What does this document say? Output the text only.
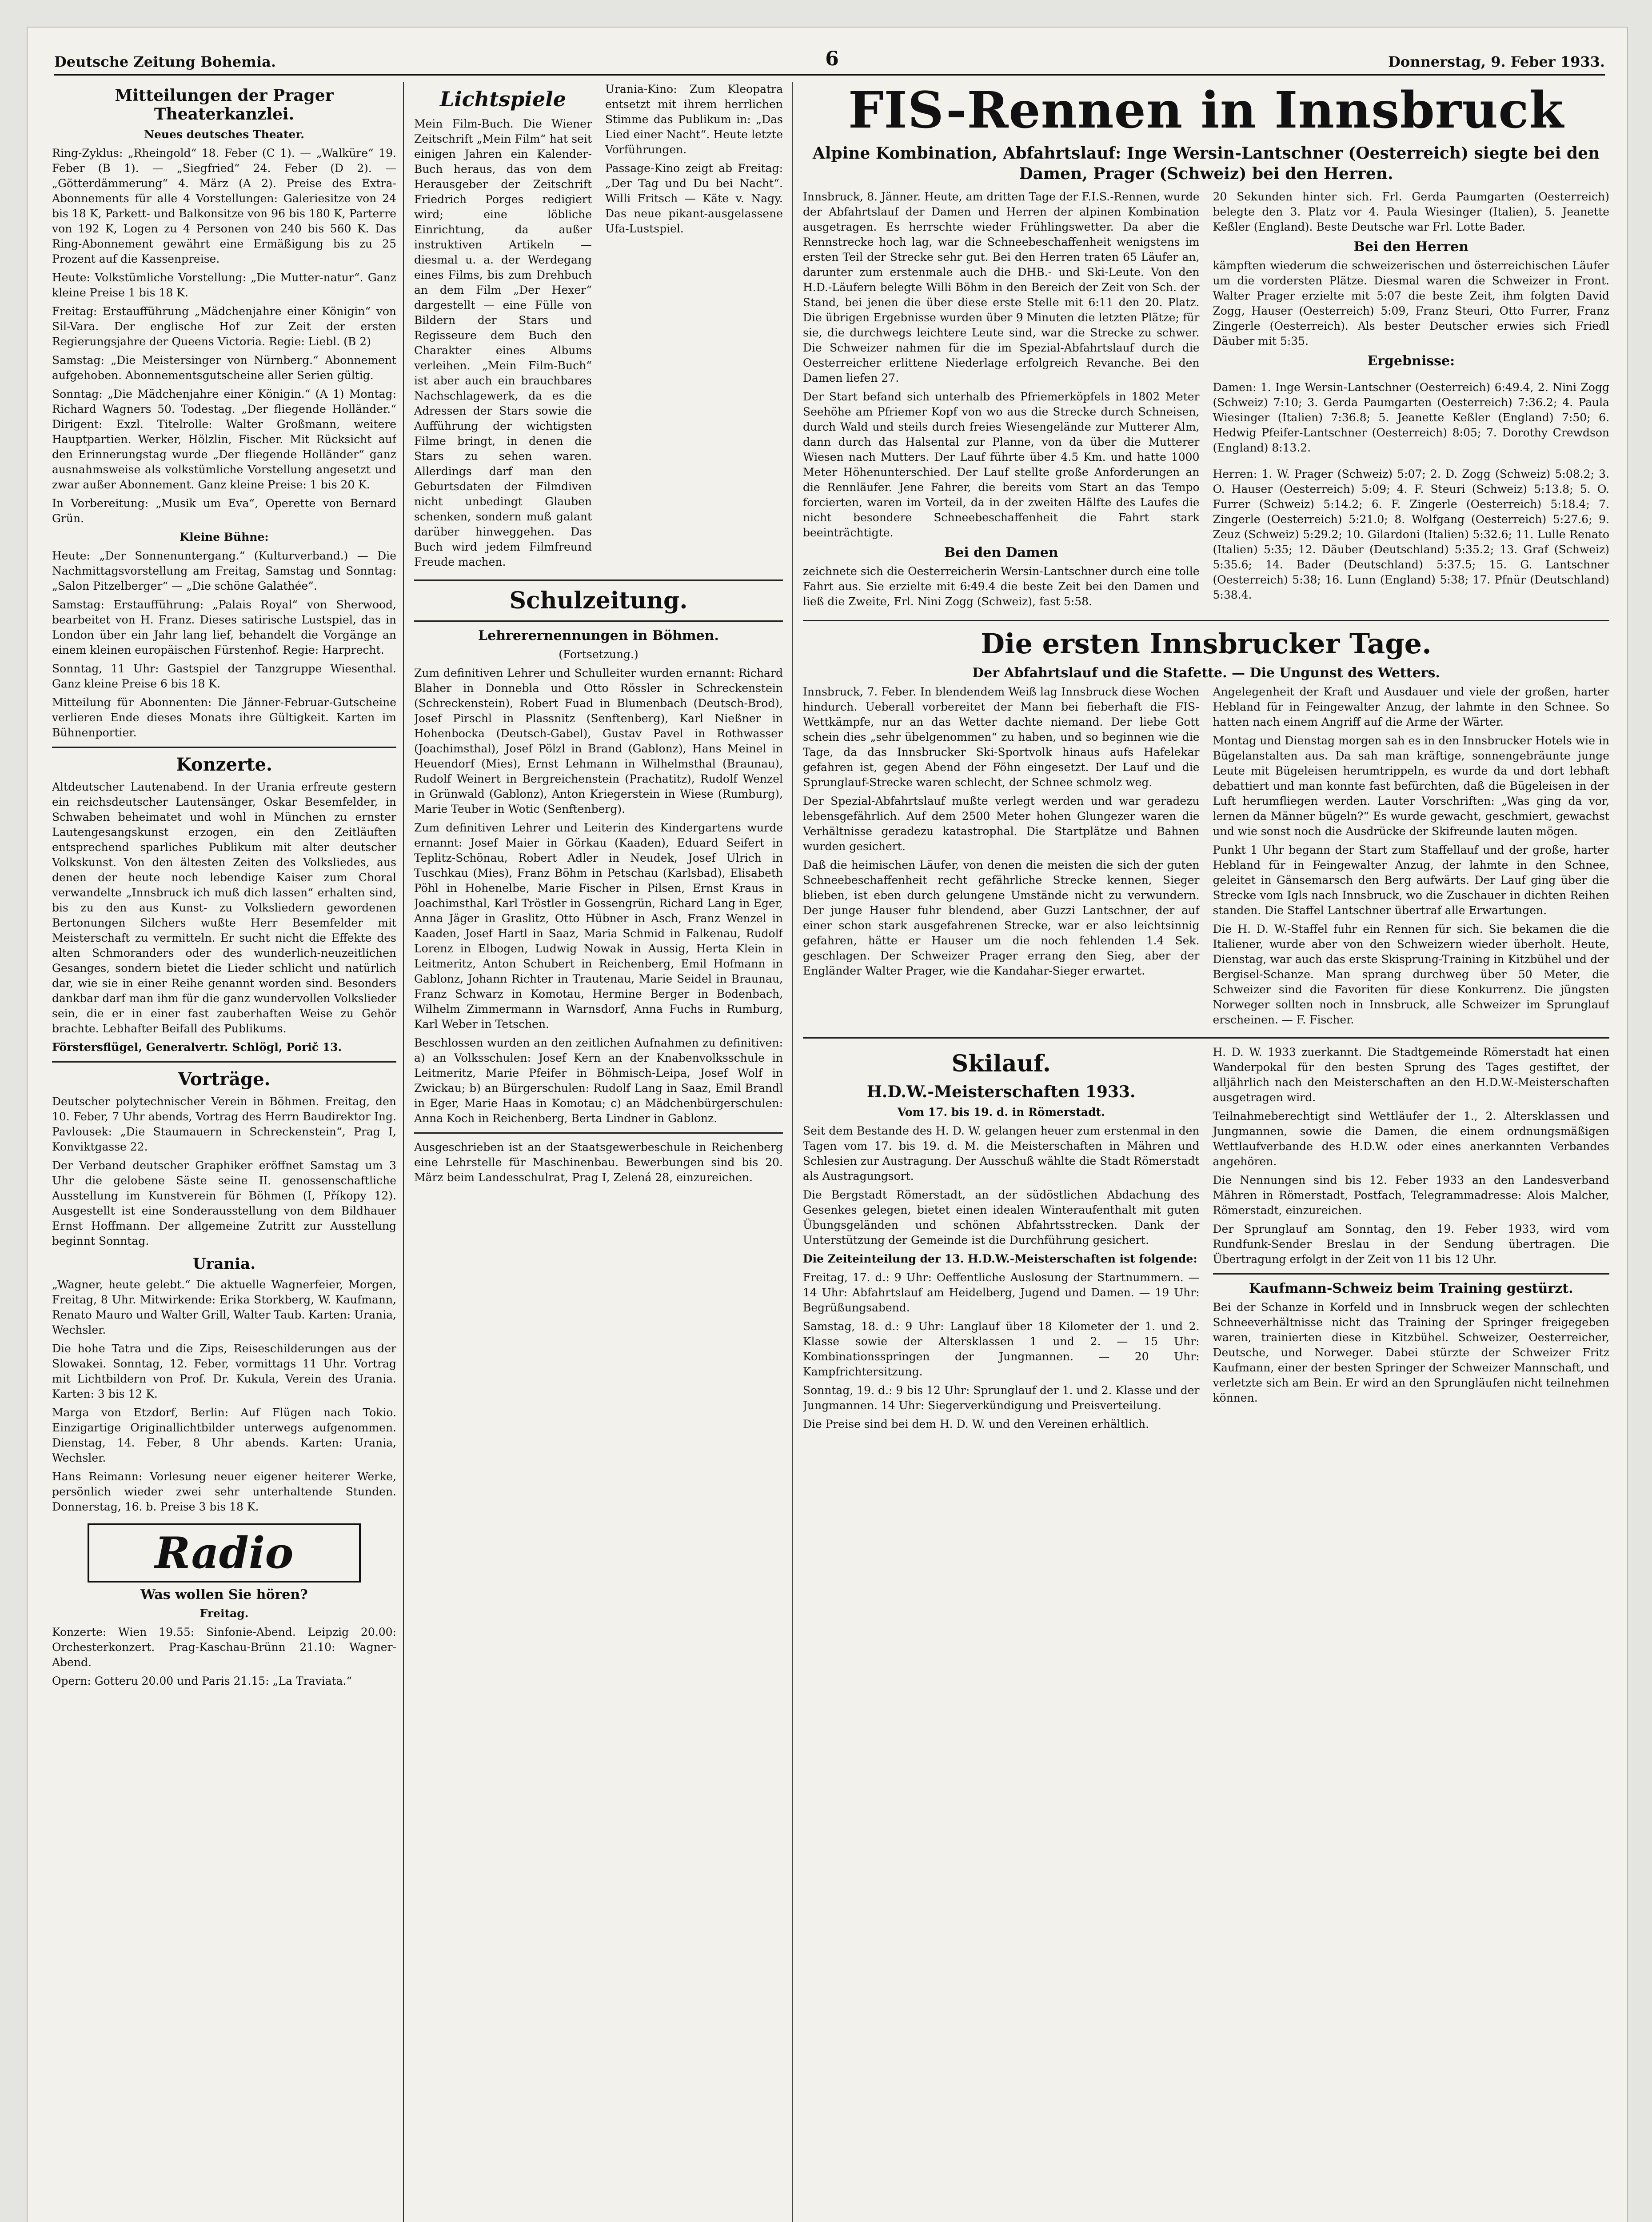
Deutsche Zeitung Bohemia.	6	Donnerstag, 9. Feber 1933.
Mitteilungen der Prager Theaterkanzlei.
Neues deutsches Theater.

Ring-Zyklus: „Rheingold“ 18. Feber (C 1). — „Walküre“ 19. Feber (B 1). — „Siegfried“ 24. Feber (D 2). — „Götterdämmerung“ 4. März (A 2). Preise des Extra-Abonnements für alle 4 Vorstellungen: Galeriesitze von 24 bis 18 K, Parkett- und Balkonsitze von 96 bis 180 K, Parterre von 192 K, Logen zu 4 Personen von 240 bis 560 K. Das Ring-Abonnement gewährt eine Ermäßigung bis zu 25 Prozent auf die Kassenpreise.

Heute: Volkstümliche Vorstellung: „Die Mutter-natur“. Ganz kleine Preise 1 bis 18 K.

Freitag: Erstaufführung „Mädchenjahre einer Königin“ von Sil-Vara. Der englische Hof zur Zeit der ersten Regierungsjahre der Queens Victoria. Regie: Liebl. (B 2)

Samstag: „Die Meistersinger von Nürnberg.“ Abonnement aufgehoben. Abonnementsgutscheine aller Serien gültig.

Sonntag: „Die Mädchenjahre einer Königin.“ (A 1) Montag: Richard Wagners 50. Todestag. „Der fliegende Holländer.“ Dirigent: Exzl. Titelrolle: Walter Großmann, weitere Hauptpartien. Werker, Hölzlin, Fischer. Mit Rücksicht auf den Erinnerungstag wurde „Der fliegende Holländer“ ganz ausnahmsweise als volkstümliche Vorstellung angesetzt und zwar außer Abonnement. Ganz kleine Preise: 1 bis 20 K.

In Vorbereitung: „Musik um Eva“, Operette von Bernard Grün.

Kleine Bühne:

Heute: „Der Sonnenuntergang.“ (Kulturverband.) — Die Nachmittagsvorstellung am Freitag, Samstag und Sonntag: „Salon Pitzelberger“ — „Die schöne Galathée“.

Samstag: Erstaufführung: „Palais Royal“ von Sherwood, bearbeitet von H. Franz. Dieses satirische Lustspiel, das in London über ein Jahr lang lief, behandelt die Vorgänge an einem kleinen europäischen Fürstenhof. Regie: Harprecht.

Sonntag, 11 Uhr: Gastspiel der Tanzgruppe Wiesenthal. Ganz kleine Preise 6 bis 18 K.

Mitteilung für Abonnenten: Die Jänner-Februar-Gutscheine verlieren Ende dieses Monats ihre Gültigkeit. Karten im Bühnenportier.

Konzerte.

Altdeutscher Lautenabend. In der Urania erfreute gestern ein reichsdeutscher Lautensänger, Oskar Besemfelder, in Schwaben beheimatet und wohl in München zu ernster Lautengesangskunst erzogen, ein den Zeitläuften entsprechend sparliches Publikum mit alter deutscher Volkskunst. Von den ältesten Zeiten des Volksliedes, aus denen der heute noch lebendige Kaiser zum Choral verwandelte „Innsbruck ich muß dich lassen“ erhalten sind, bis zu den aus Kunst- zu Volksliedern gewordenen Bertonungen Silchers wußte Herr Besemfelder mit Meisterschaft zu vermitteln. Er sucht nicht die Effekte des alten Schmoranders oder des wunderlich-neuzeitlichen Gesanges, sondern bietet die Lieder schlicht und natürlich dar, wie sie in einer Reihe genannt worden sind. Besonders dankbar darf man ihm für die ganz wundervollen Volkslieder sein, die er in einer fast zauberhaften Weise zu Gehör brachte. Lebhafter Beifall des Publikums.

Förstersflügel, Generalvertr. Schlögl, Porič 13.

Vorträge.

Deutscher polytechnischer Verein in Böhmen. Freitag, den 10. Feber, 7 Uhr abends, Vortrag des Herrn Baudirektor Ing. Pavlousek: „Die Staumauern in Schreckenstein“, Prag I, Konviktgasse 22.

Der Verband deutscher Graphiker eröffnet Samstag um 3 Uhr die gelobene Säste seine II. genossenschaftliche Ausstellung im Kunstverein für Böhmen (I, Příkopy 12). Ausgestellt ist eine Sonderausstellung von dem Bildhauer Ernst Hoffmann. Der allgemeine Zutritt zur Ausstellung beginnt Sonntag.

Urania.

„Wagner, heute gelebt.“ Die aktuelle Wagnerfeier, Morgen, Freitag, 8 Uhr. Mitwirkende: Erika Storkberg, W. Kaufmann, Renato Mauro und Walter Grill, Walter Taub. Karten: Urania, Wechsler.

Die hohe Tatra und die Zips, Reiseschilderungen aus der Slowakei. Sonntag, 12. Feber, vormittags 11 Uhr. Vortrag mit Lichtbildern von Prof. Dr. Kukula, Verein des Urania. Karten: 3 bis 12 K.

Marga von Etzdorf, Berlin: Auf Flügen nach Tokio. Einzigartige Originallichtbilder unterwegs aufgenommen. Dienstag, 14. Feber, 8 Uhr abends. Karten: Urania, Wechsler.

Hans Reimann: Vorlesung neuer eigener heiterer Werke, persönlich wieder zwei sehr unterhaltende Stunden. Donnerstag, 16. b. Preise 3 bis 18 K.

Radio
Was wollen Sie hören?
Freitag.

Konzerte: Wien 19.55: Sinfonie-Abend. Leipzig 20.00: Orchesterkonzert. Prag-Kaschau-Brünn 21.10: Wagner-Abend.

Opern: Gotteru 20.00 und Paris 21.15: „La Traviata.“

Lichtspiele

Mein Film-Buch. Die Wiener Zeitschrift „Mein Film“ hat seit einigen Jahren ein Kalender-Buch heraus, das von dem Herausgeber der Zeitschrift Friedrich Porges redigiert wird; eine löbliche Einrichtung, da außer instruktiven Artikeln — diesmal u. a. der Werdegang eines Films, bis zum Drehbuch an dem Film „Der Hexer“ dargestellt — eine Fülle von Bildern der Stars und Regisseure dem Buch den Charakter eines Albums verleihen. „Mein Film-Buch“ ist aber auch ein brauchbares Nachschlagewerk, da es die Adressen der Stars sowie die Aufführung der wichtigsten Filme bringt, in denen die Stars zu sehen waren. Allerdings darf man den Geburtsdaten der Filmdiven nicht unbedingt Glauben schenken, sondern muß galant darüber hinweggehen. Das Buch wird jedem Filmfreund Freude machen.

Urania-Kino: Zum Kleopatra entsetzt mit ihrem herrlichen Stimme das Publikum in: „Das Lied einer Nacht“. Heute letzte Vorführungen.

Passage-Kino zeigt ab Freitag: „Der Tag und Du bei Nacht“. Willi Fritsch — Käte v. Nagy. Das neue pikant-ausgelassene Ufa-Lustspiel.

Schulzeitung.
Lehrerernennungen in Böhmen.
(Fortsetzung.)

Zum definitiven Lehrer und Schulleiter wurden ernannt: Richard Blaher in Donnebla und Otto Rössler in Schreckenstein (Schreckenstein), Robert Fuad in Blumenbach (Deutsch-Brod), Josef Pirschl in Plassnitz (Senftenberg), Karl Nießner in Hohenbocka (Deutsch-Gabel), Gustav Pavel in Rothwasser (Joachimsthal), Josef Pölzl in Brand (Gablonz), Hans Meinel in Heuendorf (Mies), Ernst Lehmann in Wilhelmsthal (Braunau), Rudolf Weinert in Bergreichenstein (Prachatitz), Rudolf Wenzel in Grünwald (Gablonz), Anton Kriegerstein in Wiese (Rumburg), Marie Teuber in Wotic (Senftenberg).

Zum definitiven Lehrer und Leiterin des Kindergartens wurde ernannt: Josef Maier in Görkau (Kaaden), Eduard Seifert in Teplitz-Schönau, Robert Adler in Neudek, Josef Ulrich in Tuschkau (Mies), Franz Böhm in Petschau (Karlsbad), Elisabeth Pöhl in Hohenelbe, Marie Fischer in Pilsen, Ernst Kraus in Joachimsthal, Karl Tröstler in Gossengrün, Richard Lang in Eger, Anna Jäger in Graslitz, Otto Hübner in Asch, Franz Wenzel in Kaaden, Josef Hartl in Saaz, Maria Schmid in Falkenau, Rudolf Lorenz in Elbogen, Ludwig Nowak in Aussig, Herta Klein in Leitmeritz, Anton Schubert in Reichenberg, Emil Hofmann in Gablonz, Johann Richter in Trautenau, Marie Seidel in Braunau, Franz Schwarz in Komotau, Hermine Berger in Bodenbach, Wilhelm Zimmermann in Warnsdorf, Anna Fuchs in Rumburg, Karl Weber in Tetschen.

Beschlossen wurden an den zeitlichen Aufnahmen zu definitiven: a) an Volksschulen: Josef Kern an der Knabenvolksschule in Leitmeritz, Marie Pfeifer in Böhmisch-Leipa, Josef Wolf in Zwickau; b) an Bürgerschulen: Rudolf Lang in Saaz, Emil Brandl in Eger, Marie Haas in Komotau; c) an Mädchenbürgerschulen: Anna Koch in Reichenberg, Berta Lindner in Gablonz.

Ausgeschrieben ist an der Staatsgewerbeschule in Reichenberg eine Lehrstelle für Maschinenbau. Bewerbungen sind bis 20. März beim Landesschulrat, Prag I, Zelená 28, einzureichen.

FIS-Rennen in Innsbruck
Alpine Kombination, Abfahrtslauf: Inge Wersin-Lantschner (Oesterreich) siegte bei den Damen, Prager (Schweiz) bei den Herren.

Innsbruck, 8. Jänner. Heute, am dritten Tage der F.I.S.-Rennen, wurde der Abfahrtslauf der Damen und Herren der alpinen Kombination ausgetragen. Es herrschte wieder Frühlingswetter. Da aber die Rennstrecke hoch lag, war die Schneebeschaffenheit wenigstens im ersten Teil der Strecke sehr gut. Bei den Herren traten 65 Läufer an, darunter zum erstenmale auch die DHB.- und Ski-Leute. Von den H.D.-Läufern belegte Willi Böhm in den Bereich der Zeit von Sch. der Stand, bei jenen die über diese erste Stelle mit 6:11 den 20. Platz. Die übrigen Ergebnisse wurden über 9 Minuten die letzten Plätze; für sie, die durchwegs leichtere Leute sind, war die Strecke zu schwer. Die Schweizer nahmen für die im Spezial-Abfahrtslauf durch die Oesterreicher erlittene Niederlage erfolgreich Revanche. Bei den Damen liefen 27.

Der Start befand sich unterhalb des Pfriemerköpfels in 1802 Meter Seehöhe am Pfriemer Kopf von wo aus die Strecke durch Schneisen, durch Wald und steils durch freies Wiesengelände zur Mutterer Alm, dann durch das Halsental zur Planne, von da über die Mutterer Wiesen nach Mutters. Der Lauf führte über 4.5 Km. und hatte 1000 Meter Höhenunterschied. Der Lauf stellte große Anforderungen an die Rennläufer. Jene Fahrer, die bereits vom Start an das Tempo forcierten, waren im Vorteil, da in der zweiten Hälfte des Laufes die nicht besondere Schneebeschaffenheit die Fahrt stark beeinträchtigte.

Bei den Damen

zeichnete sich die Oesterreicherin Wersin-Lantschner durch eine tolle Fahrt aus. Sie erzielte mit 6:49.4 die beste Zeit bei den Damen und ließ die Zweite, Frl. Nini Zogg (Schweiz), fast 5:58.

20 Sekunden hinter sich. Frl. Gerda Paumgarten (Oesterreich) belegte den 3. Platz vor 4. Paula Wiesinger (Italien), 5. Jeanette Keßler (England). Beste Deutsche war Frl. Lotte Bader.

Bei den Herren

kämpften wiederum die schweizerischen und österreichischen Läufer um die vordersten Plätze. Diesmal waren die Schweizer in Front. Walter Prager erzielte mit 5:07 die beste Zeit, ihm folgten David Zogg, Hauser (Oesterreich) 5:09, Franz Steuri, Otto Furrer, Franz Zingerle (Oesterreich). Als bester Deutscher erwies sich Friedl Däuber mit 5:35.

Ergebnisse:

Damen: 1. Inge Wersin-Lantschner (Oesterreich) 6:49.4, 2. Nini Zogg (Schweiz) 7:10; 3. Gerda Paumgarten (Oesterreich) 7:36.2; 4. Paula Wiesinger (Italien) 7:36.8; 5. Jeanette Keßler (England) 7:50; 6. Hedwig Pfeifer-Lantschner (Oesterreich) 8:05; 7. Dorothy Crewdson (England) 8:13.2.

Herren: 1. W. Prager (Schweiz) 5:07; 2. D. Zogg (Schweiz) 5:08.2; 3. O. Hauser (Oesterreich) 5:09; 4. F. Steuri (Schweiz) 5:13.8; 5. O. Furrer (Schweiz) 5:14.2; 6. F. Zingerle (Oesterreich) 5:18.4; 7. Zingerle (Oesterreich) 5:21.0; 8. Wolfgang (Oesterreich) 5:27.6; 9. Zeuz (Schweiz) 5:29.2; 10. Gilardoni (Italien) 5:32.6; 11. Lulle Renato (Italien) 5:35; 12. Däuber (Deutschland) 5:35.2; 13. Graf (Schweiz) 5:35.6; 14. Bader (Deutschland) 5:37.5; 15. G. Lantschner (Oesterreich) 5:38; 16. Lunn (England) 5:38; 17. Pfnür (Deutschland) 5:38.4.

Die ersten Innsbrucker Tage.
Der Abfahrtslauf und die Stafette. — Die Ungunst des Wetters.

Innsbruck, 7. Feber. In blendendem Weiß lag Innsbruck diese Wochen hindurch. Ueberall vorbereitet der Mann bei fieberhaft die FIS-Wettkämpfe, nur an das Wetter dachte niemand. Der liebe Gott schein dies „sehr übelgenommen“ zu haben, und so beginnen wie die Tage, da das Innsbrucker Ski-Sportvolk hinaus aufs Hafelekar gefahren ist, gegen Abend der Föhn eingesetzt. Der Lauf und die Sprunglauf-Strecke waren schlecht, der Schnee schmolz weg.

Der Spezial-Abfahrtslauf mußte verlegt werden und war geradezu lebensgefährlich. Auf dem 2500 Meter hohen Glungezer waren die Verhältnisse geradezu katastrophal. Die Startplätze und Bahnen wurden gesichert.

Daß die heimischen Läufer, von denen die meisten die sich der guten Schneebeschaffenheit recht gefährliche Strecke kennen, Sieger blieben, ist eben durch gelungene Umstände nicht zu verwundern. Der junge Hauser fuhr blendend, aber Guzzi Lantschner, der auf einer schon stark ausgefahrenen Strecke, war er also leichtsinnig gefahren, hätte er Hauser um die noch fehlenden 1.4 Sek. geschlagen. Der Schweizer Prager errang den Sieg, aber der Engländer Walter Prager, wie die Kandahar-Sieger erwartet.

Angelegenheit der Kraft und Ausdauer und viele der großen, harter Hebland für in Feingewalter Anzug, der lahmte in den Schnee. So hatten nach einem Angriff auf die Arme der Wärter.

Montag und Dienstag morgen sah es in den Innsbrucker Hotels wie in Bügelanstalten aus. Da sah man kräftige, sonnengebräunte junge Leute mit Bügeleisen herumtrippeln, es wurde da und dort lebhaft debattiert und man konnte fast befürchten, daß die Bügeleisen in der Luft herumfliegen werden. Lauter Vorschriften: „Was ging da vor, lernen da Männer bügeln?“ Es wurde gewacht, geschmiert, gewachst und wie sonst noch die Ausdrücke der Skifreunde lauten mögen.

Punkt 1 Uhr begann der Start zum Staffellauf und der große, harter Hebland für in Feingewalter Anzug, der lahmte in den Schnee, geleitet in Gänsemarsch den Berg aufwärts. Der Lauf ging über die Strecke vom Igls nach Innsbruck, wo die Zuschauer in dichten Reihen standen. Die Staffel Lantschner übertraf alle Erwartungen.

Die H. D. W.-Staffel fuhr ein Rennen für sich. Sie bekamen die die Italiener, wurde aber von den Schweizern wieder überholt. Heute, Dienstag, war auch das erste Skisprung-Training in Kitzbühel und der Bergisel-Schanze. Man sprang durchweg über 50 Meter, die Schweizer sind die Favoriten für diese Konkurrenz. Die jüngsten Norweger sollten noch in Innsbruck, alle Schweizer im Sprunglauf erscheinen. — F. Fischer.

Skilauf.
H.D.W.-Meisterschaften 1933.
Vom 17. bis 19. d. in Römerstadt.

Seit dem Bestande des H. D. W. gelangen heuer zum erstenmal in den Tagen vom 17. bis 19. d. M. die Meisterschaften in Mähren und Schlesien zur Austragung. Der Ausschuß wählte die Stadt Römerstadt als Austragungsort.

Die Bergstadt Römerstadt, an der südöstlichen Abdachung des Gesenkes gelegen, bietet einen idealen Winteraufenthalt mit guten Übungsgeländen und schönen Abfahrtsstrecken. Dank der Unterstützung der Gemeinde ist die Durchführung gesichert.

Die Zeiteinteilung der 13. H.D.W.-Meisterschaften ist folgende:

Freitag, 17. d.: 9 Uhr: Oeffentliche Auslosung der Startnummern. — 14 Uhr: Abfahrtslauf am Heidelberg, Jugend und Damen. — 19 Uhr: Begrüßungsabend.

Samstag, 18. d.: 9 Uhr: Langlauf über 18 Kilometer der 1. und 2. Klasse sowie der Altersklassen 1 und 2. — 15 Uhr: Kombinationsspringen der Jungmannen. — 20 Uhr: Kampfrichtersitzung.

Sonntag, 19. d.: 9 bis 12 Uhr: Sprunglauf der 1. und 2. Klasse und der Jungmannen. 14 Uhr: Siegerverkündigung und Preisverteilung.

Die Preise sind bei dem H. D. W. und den Vereinen erhältlich.

H. D. W. 1933 zuerkannt. Die Stadtgemeinde Römerstadt hat einen Wanderpokal für den besten Sprung des Tages gestiftet, der alljährlich nach den Meisterschaften an den H.D.W.-Meisterschaften ausgetragen wird.

Teilnahmeberechtigt sind Wettläufer der 1., 2. Altersklassen und Jungmannen, sowie die Damen, die einem ordnungsmäßigen Wettlaufverbande des H.D.W. oder eines anerkannten Verbandes angehören.

Die Nennungen sind bis 12. Feber 1933 an den Landesverband Mähren in Römerstadt, Postfach, Telegrammadresse: Alois Malcher, Römerstadt, einzureichen.

Der Sprunglauf am Sonntag, den 19. Feber 1933, wird vom Rundfunk-Sender Breslau in der Sendung übertragen. Die Übertragung erfolgt in der Zeit von 11 bis 12 Uhr.

Kaufmann-Schweiz beim Training gestürzt.

Bei der Schanze in Korfeld und in Innsbruck wegen der schlechten Schneeverhältnisse nicht das Training der Springer freigegeben waren, trainierten diese in Kitzbühel. Schweizer, Oesterreicher, Deutsche, und Norweger. Dabei stürzte der Schweizer Fritz Kaufmann, einer der besten Springer der Schweizer Mannschaft, und verletzte sich am Bein. Er wird an den Sprungläufen nicht teilnehmen können.
